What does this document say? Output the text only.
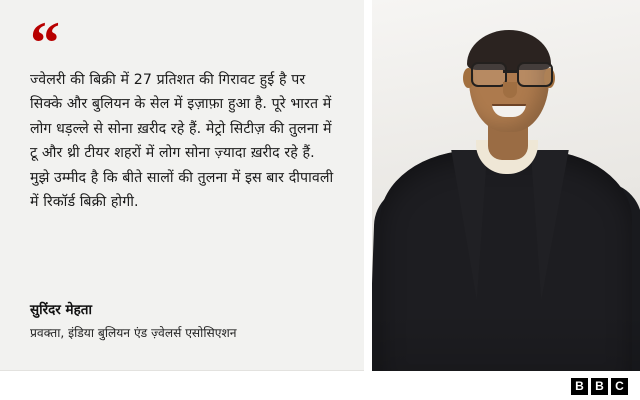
“
ज्वेलरी की बिक्री में 27 प्रतिशत की गिरावट हुई है पर सिक्के और बुलियन के सेल में इज़ाफ़ा हुआ है. पूरे भारत में लोग धड़ल्ले से सोना ख़रीद रहे हैं. मेट्रो सिटीज़ की तुलना में टू और थ्री टीयर शहरों में लोग सोना ज़्यादा ख़रीद रहे हैं. मुझे उम्मीद है कि बीते सालों की तुलना में इस बार दीपावली में रिकॉर्ड बिक्री होगी.
सुरिंदर मेहता
प्रवक्ता, इंडिया बुलियन एंड ज़्वेलर्स एसोसिएशन
B B C
